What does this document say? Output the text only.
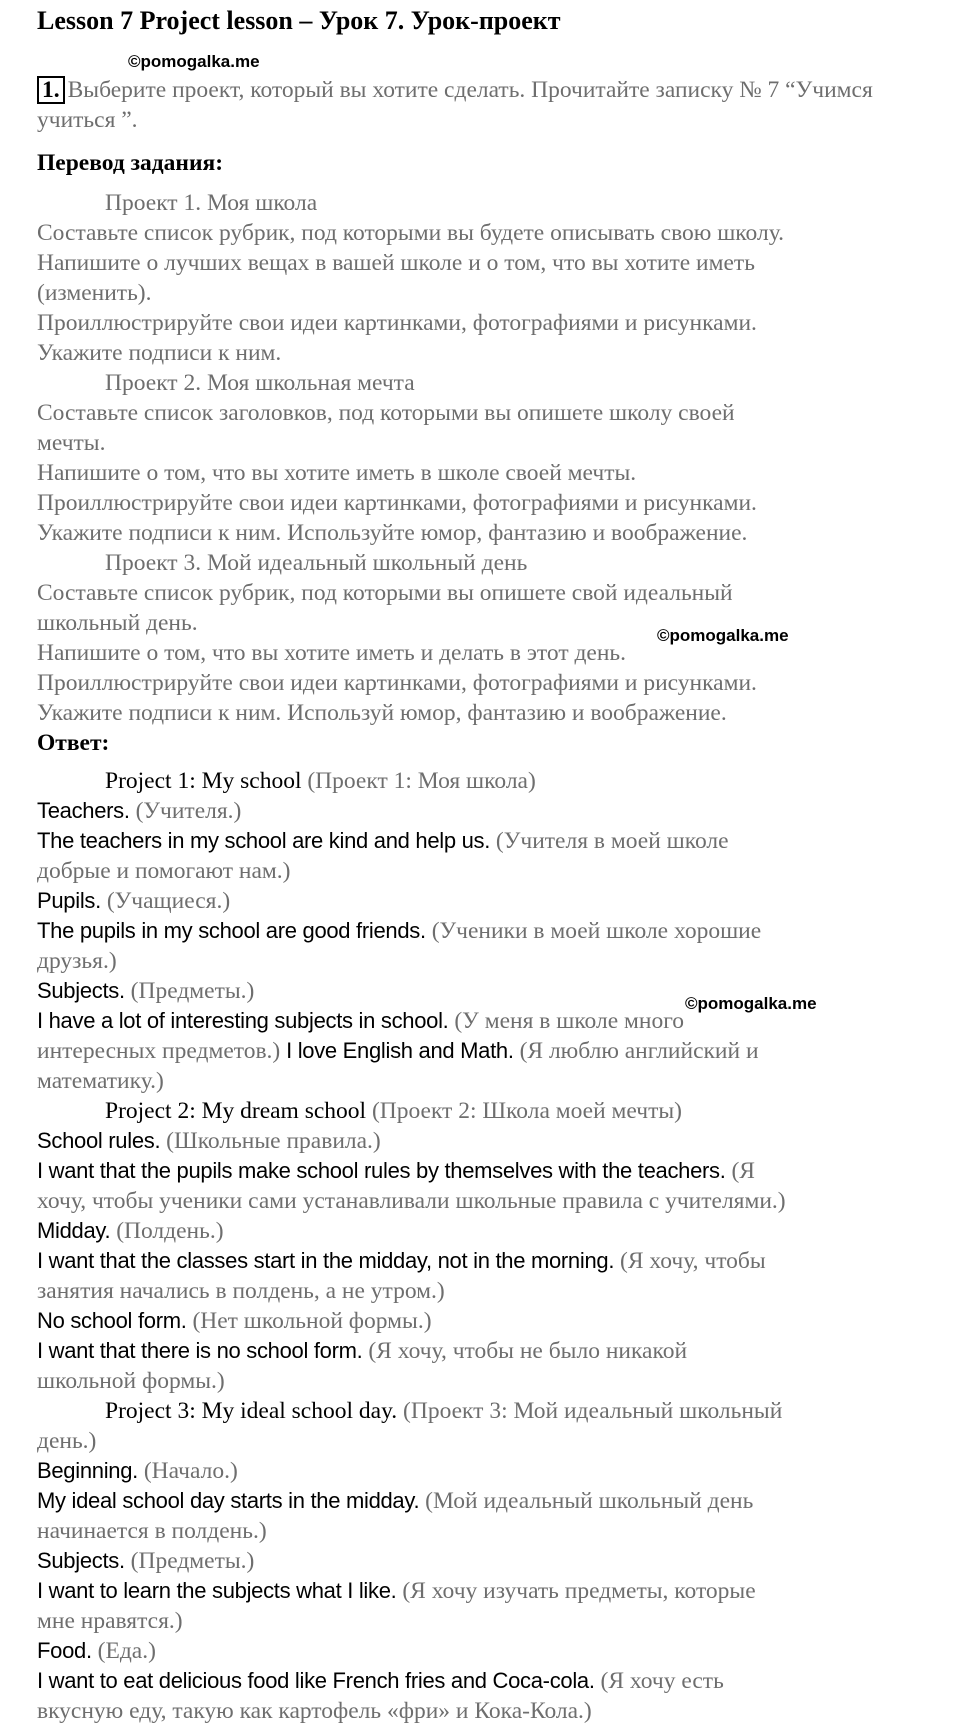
Lesson 7 Project lesson – Урок 7. Урок-проект
©pomogalka.me
1. Выберите проект, который вы хотите сделать. Прочитайте записку № 7 “Учимся учиться ”.
Перевод задания:
Проект 1. Моя школа
Составьте список рубрик, под которыми вы будете описывать свою школу.
Напишите о лучших вещах в вашей школе и о том, что вы хотите иметь
(изменить).
Проиллюстрируйте свои идеи картинками, фотографиями и рисунками.
Укажите подписи к ним.
Проект 2. Моя школьная мечта
Составьте список заголовков, под которыми вы опишете школу своей
мечты.
Напишите о том, что вы хотите иметь в школе своей мечты.
Проиллюстрируйте свои идеи картинками, фотографиями и рисунками.
Укажите подписи к ним. Используйте юмор, фантазию и воображение.
Проект 3. Мой идеальный школьный день
Составьте список рубрик, под которыми вы опишете свой идеальный
школьный день.
Напишите о том, что вы хотите иметь и делать в этот день.
Проиллюстрируйте свои идеи картинками, фотографиями и рисунками.
Укажите подписи к ним. Используй юмор, фантазию и воображение.
©pomogalka.me
Ответ:
Project 1: My school (Проект 1: Моя школа)
Teachers. (Учителя.)
The teachers in my school are kind and help us. (Учителя в моей школе
добрые и помогают нам.)
Pupils. (Учащиеся.)
The pupils in my school are good friends. (Ученики в моей школе хорошие
друзья.)
Subjects. (Предметы.)
I have a lot of interesting subjects in school. (У меня в школе много
интересных предметов.) I love English and Math. (Я люблю английский и
математику.)
Project 2: My dream school (Проект 2: Школа моей мечты)
School rules. (Школьные правила.)
I want that the pupils make school rules by themselves with the teachers. (Я
хочу, чтобы ученики сами устанавливали школьные правила с учителями.)
Midday. (Полдень.)
I want that the classes start in the midday, not in the morning. (Я хочу, чтобы
занятия начались в полдень, а не утром.)
No school form. (Нет школьной формы.)
I want that there is no school form. (Я хочу, чтобы не было никакой
школьной формы.)
Project 3: My ideal school day. (Проект 3: Мой идеальный школьный
день.)
Beginning. (Начало.)
My ideal school day starts in the midday. (Мой идеальный школьный день
начинается в полдень.)
Subjects. (Предметы.)
I want to learn the subjects what I like. (Я хочу изучать предметы, которые
мне нравятся.)
Food. (Еда.)
I want to eat delicious food like French fries and Coca-cola. (Я хочу есть
вкусную еду, такую как картофель «фри» и Кока-Кола.)
©pomogalka.me
